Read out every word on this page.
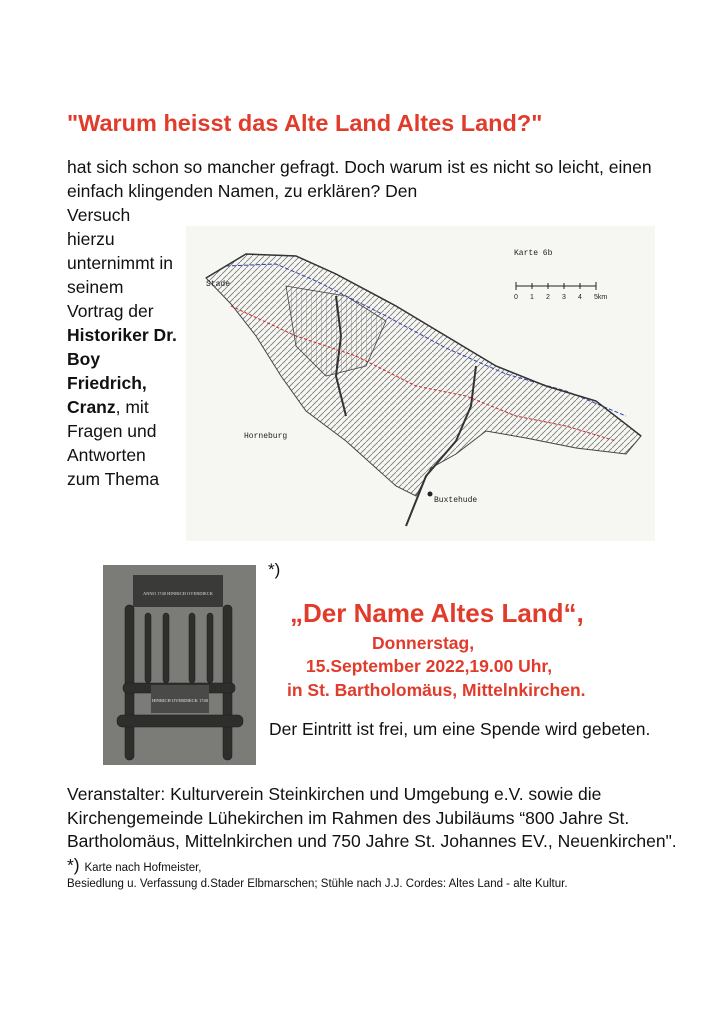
"Warum heisst das Alte Land Altes Land?"
hat sich schon so mancher gefragt. Doch warum ist es nicht so leicht, einen einfach klingenden Namen, zu erklären? Den
Versuch hierzu unternimmt in seinem Vortrag der Historiker Dr. Boy Friedrich, Cranz, mit Fragen und Antworten zum Thema
Karte 6b
0 1 2 3 4 5km
Stade
Horneburg
Buxtehude
*)
ANNO 1740 HINRICH OVERDIECK
HINRICH OVERDIECK 1740
„Der Name Altes Land“,
Donnerstag,
15.September 2022,19.00 Uhr,
in St. Bartholomäus, Mittelnkirchen.
Der Eintritt ist frei, um eine Spende wird gebeten.
Veranstalter: Kulturverein Steinkirchen und Umgebung e.V. sowie die Kirchengemeinde Lühekirchen im Rahmen des Jubiläums “800 Jahre St. Bartholomäus, Mittelnkirchen und 750 Jahre St. Johannes EV., Neuenkirchen".  *) Karte nach Hofmeister,
Besiedlung u. Verfassung d.Stader Elbmarschen; Stühle nach J.J. Cordes: Altes Land - alte Kultur.
